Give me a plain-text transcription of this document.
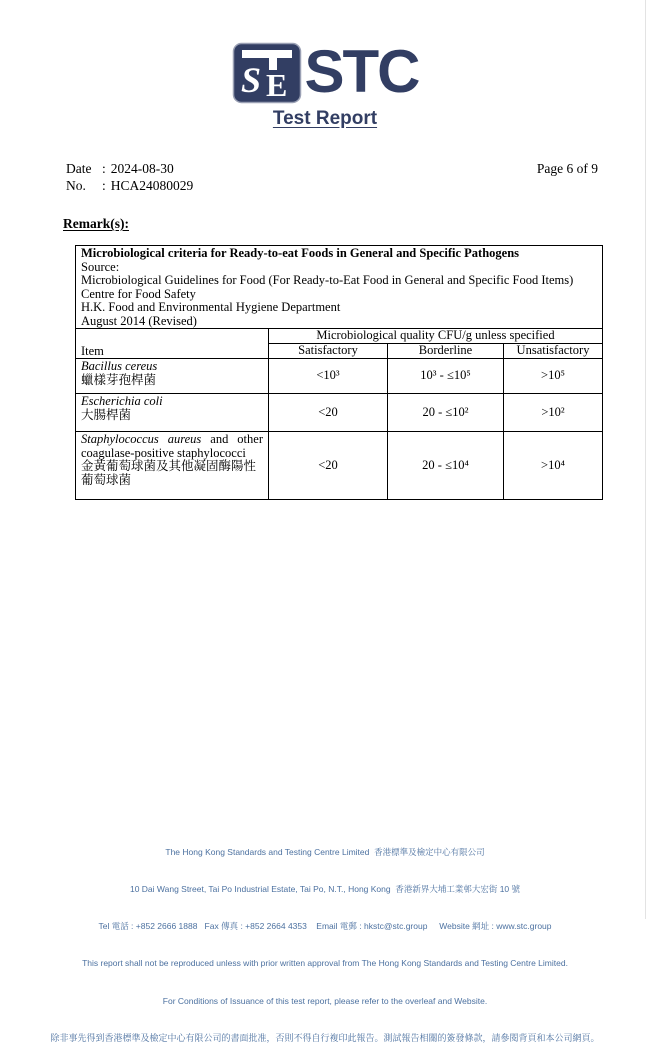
S E STC
Test Report
Date : 2024-08-30	Page 6 of 9
No.	: HCA24080029
Remark(s):
Microbiological criteria for Ready-to-eat Foods in General and Specific Pathogens
Source:
Microbiological Guidelines for Food (For Ready-to-Eat Food in General and Specific Food Items)
Centre for Food Safety
H.K. Food and Environmental Hygiene Department
August 2014 (Revised)

Item	Microbiological quality CFU/g unless specified		
	Satisfactory	Borderline	Unsatisfactory

Bacillus cereus
蠟樣芽孢桿菌	<10³	10³ - ≤10⁵	>10⁵

Escherichia coli
大腸桿菌	<20	20 - ≤10²	>10²

Staphylococcus aureus and other coagulase-positive staphylococci
金黃葡萄球菌及其他凝固酶陽性葡萄球菌	<20	20 - ≤10⁴	>10⁴

The Hong Kong Standards and Testing Centre Limited  香港標準及檢定中心有限公司

10 Dai Wang Street, Tai Po Industrial Estate, Tai Po, N.T., Hong Kong  香港新界大埔工業邨大宏街 10 號

Tel 電話 : +852 2666 1888   Fax 傳真 : +852 2664 4353    Email 電郵 : hkstc@stc.group     Website 網址 : www.stc.group

This report shall not be reproduced unless with prior written approval from The Hong Kong Standards and Testing Centre Limited.

For Conditions of Issuance of this test report, please refer to the overleaf and Website.

除非事先得到香港標準及檢定中心有限公司的書面批准，否則不得自行複印此報告。測試報告相關的簽發條款，請參閱背頁和本公司網頁。
